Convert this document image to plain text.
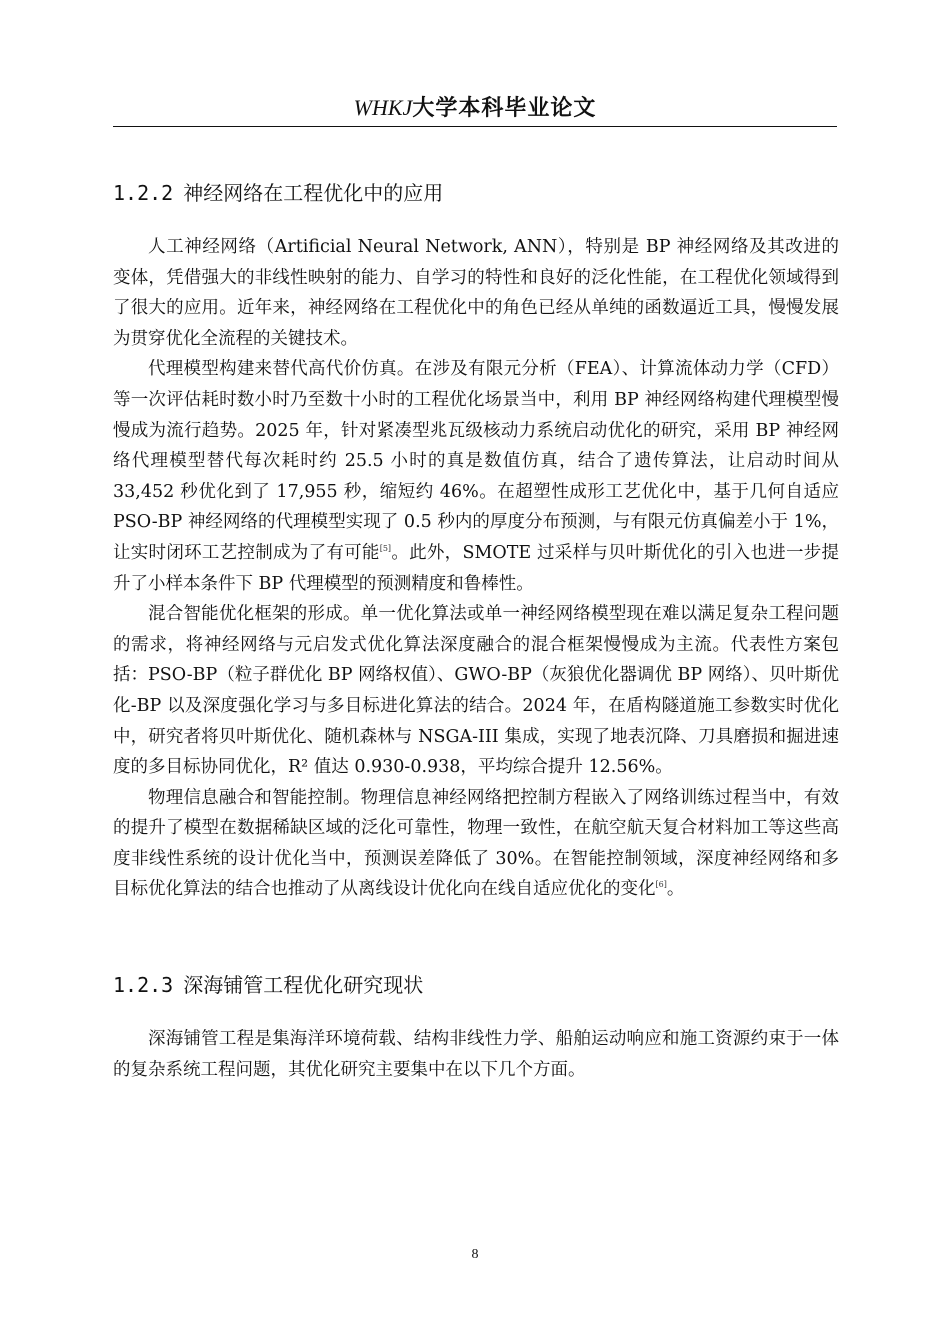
WHKJ大学本科毕业论文
1.2.2 神经网络在工程优化中的应用

人工神经网络（Artificial Neural Network, ANN），特别是 BP 神经网络及其改进的变体，凭借强大的非线性映射的能力、自学习的特性和良好的泛化性能，在工程优化领域得到了很大的应用。近年来，神经网络在工程优化中的角色已经从单纯的函数逼近工具，慢慢发展为贯穿优化全流程的关键技术。

代理模型构建来替代高代价仿真。在涉及有限元分析（FEA）、计算流体动力学（CFD）等一次评估耗时数小时乃至数十小时的工程优化场景当中，利用 BP 神经网络构建代理模型慢慢成为流行趋势。2025 年，针对紧凑型兆瓦级核动力系统启动优化的研究，采用 BP 神经网络代理模型替代每次耗时约 25.5 小时的真是数值仿真，结合了遗传算法，让启动时间从 33,452 秒优化到了 17,955 秒，缩短约 46%。在超塑性成形工艺优化中，基于几何自适应 PSO-BP 神经网络的代理模型实现了 0.5 秒内的厚度分布预测，与有限元仿真偏差小于 1%，让实时闭环工艺控制成为了有可能[5]。此外，SMOTE 过采样与贝叶斯优化的引入也进一步提升了小样本条件下 BP 代理模型的预测精度和鲁棒性。

混合智能优化框架的形成。单一优化算法或单一神经网络模型现在难以满足复杂工程问题的需求，将神经网络与元启发式优化算法深度融合的混合框架慢慢成为主流。代表性方案包括：PSO-BP（粒子群优化 BP 网络权值）、GWO-BP（灰狼优化器调优 BP 网络）、贝叶斯优化-BP 以及深度强化学习与多目标进化算法的结合。2024 年，在盾构隧道施工参数实时优化中，研究者将贝叶斯优化、随机森林与 NSGA-III 集成，实现了地表沉降、刀具磨损和掘进速度的多目标协同优化，R² 值达 0.930-0.938，平均综合提升 12.56%。

物理信息融合和智能控制。物理信息神经网络把控制方程嵌入了网络训练过程当中，有效的提升了模型在数据稀缺区域的泛化可靠性，物理一致性，在航空航天复合材料加工等这些高度非线性系统的设计优化当中，预测误差降低了 30%。在智能控制领域，深度神经网络和多目标优化算法的结合也推动了从离线设计优化向在线自适应优化的变化[6]。

1.2.3 深海铺管工程优化研究现状

深海铺管工程是集海洋环境荷载、结构非线性力学、船舶运动响应和施工资源约束于一体的复杂系统工程问题，其优化研究主要集中在以下几个方面。

8
